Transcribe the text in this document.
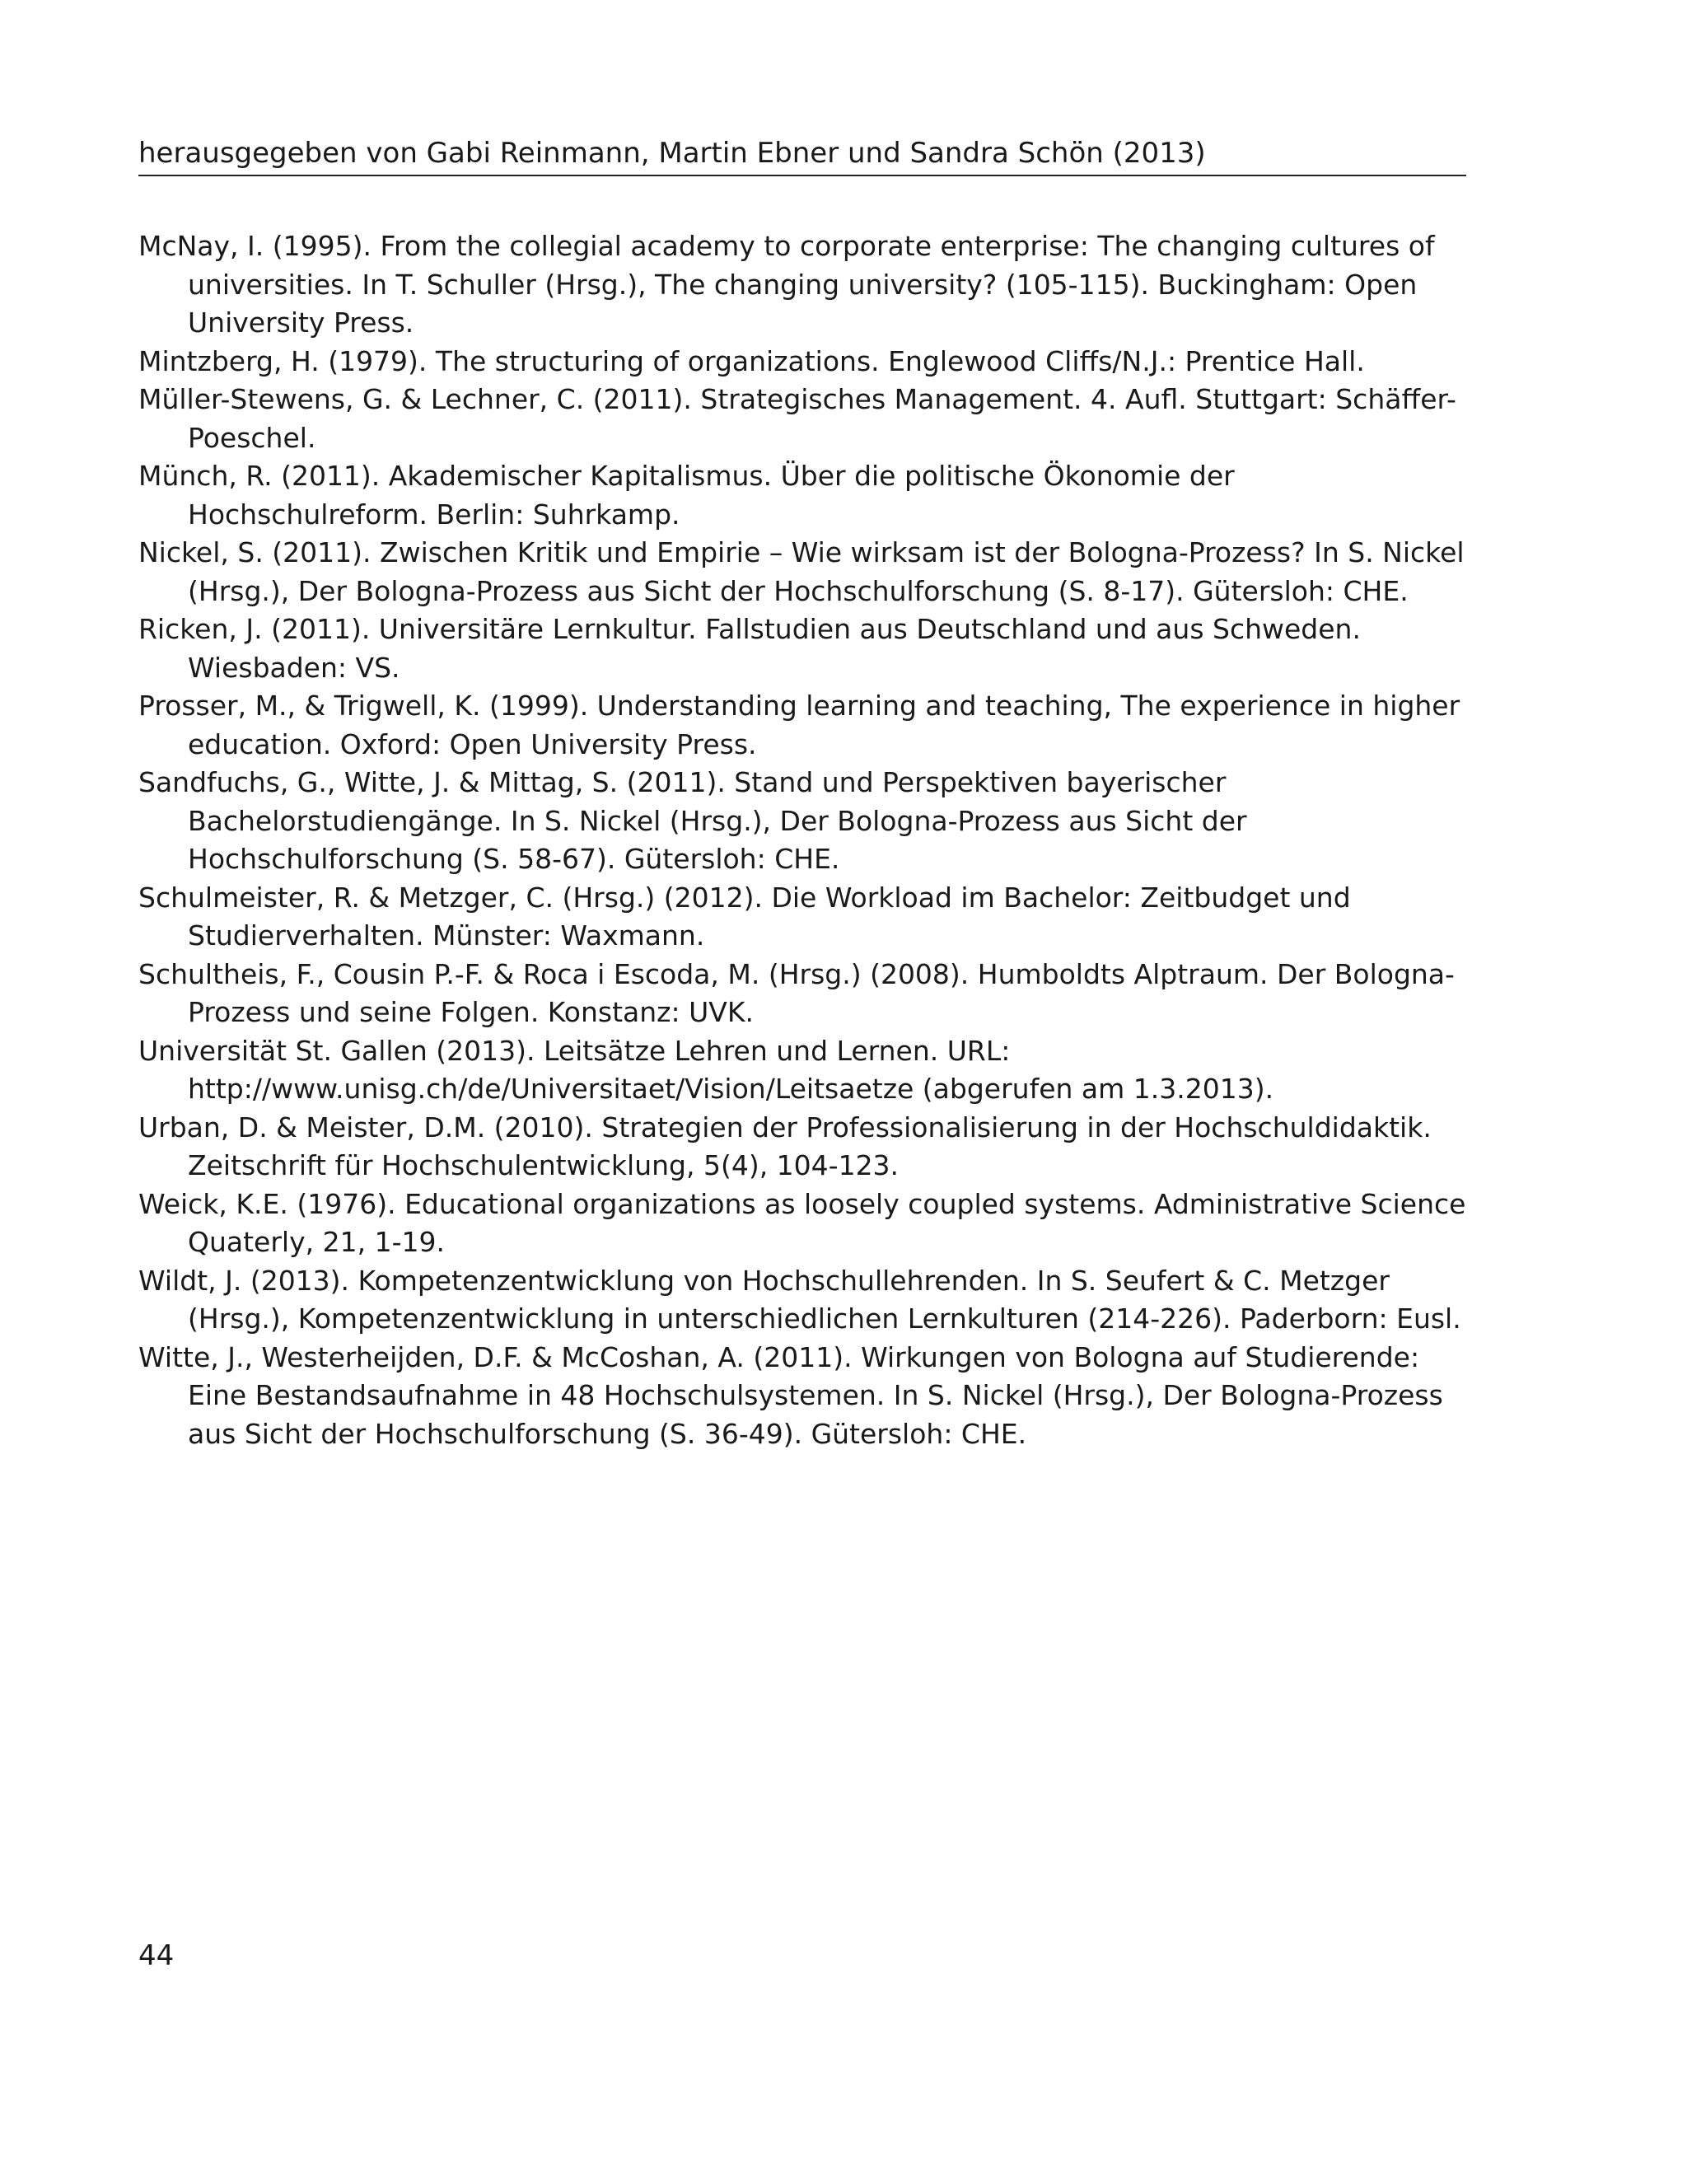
herausgegeben von Gabi Reinmann, Martin Ebner und Sandra Schön (2013)

McNay, I. (1995). From the collegial academy to corporate enterprise: The changing cultures of universities. In T. Schuller (Hrsg.), The changing university? (105-115). Buckingham: Open University Press.

Mintzberg, H. (1979). The structuring of organizations. Englewood Cliffs/N.J.: Prentice Hall.

Müller-Stewens, G. & Lechner, C. (2011). Strategisches Management. 4. Aufl. Stuttgart: Schäffer-Poeschel.

Münch, R. (2011). Akademischer Kapitalismus. Über die politische Ökonomie der Hochschulreform. Berlin: Suhrkamp.

Nickel, S. (2011). Zwischen Kritik und Empirie – Wie wirksam ist der Bologna-Prozess? In S. Nickel (Hrsg.), Der Bologna-Prozess aus Sicht der Hochschulforschung (S. 8-17). Gütersloh: CHE.

Ricken, J. (2011). Universitäre Lernkultur. Fallstudien aus Deutschland und aus Schweden. Wiesbaden: VS.

Prosser, M., & Trigwell, K. (1999). Understanding learning and teaching, The experience in higher education. Oxford: Open University Press.

Sandfuchs, G., Witte, J. & Mittag, S. (2011). Stand und Perspektiven bayerischer Bachelorstudiengänge. In S. Nickel (Hrsg.), Der Bologna-Prozess aus Sicht der Hochschulforschung (S. 58-67). Gütersloh: CHE.

Schulmeister, R. & Metzger, C. (Hrsg.) (2012). Die Workload im Bachelor: Zeitbudget und Studierverhalten. Münster: Waxmann.

Schultheis, F., Cousin P.-F. & Roca i Escoda, M. (Hrsg.) (2008). Humboldts Alptraum. Der Bologna-Prozess und seine Folgen. Konstanz: UVK.

Universität St. Gallen (2013). Leitsätze Lehren und Lernen. URL: http://www.unisg.ch/de/Universitaet/Vision/Leitsaetze (abgerufen am 1.3.2013).

Urban, D. & Meister, D.M. (2010). Strategien der Professionalisierung in der Hochschuldidaktik. Zeitschrift für Hochschulentwicklung, 5(4), 104-123.

Weick, K.E. (1976). Educational organizations as loosely coupled systems. Administrative Science Quaterly, 21, 1-19.

Wildt, J. (2013). Kompetenzentwicklung von Hochschullehrenden. In S. Seufert & C. Metzger (Hrsg.), Kompetenzentwicklung in unterschiedlichen Lernkulturen (214-226). Paderborn: Eusl.

Witte, J., Westerheijden, D.F. & McCoshan, A. (2011). Wirkungen von Bologna auf Studierende: Eine Bestandsaufnahme in 48 Hochschulsystemen. In S. Nickel (Hrsg.), Der Bologna-Prozess aus Sicht der Hochschulforschung (S. 36-49). Gütersloh: CHE.

44
